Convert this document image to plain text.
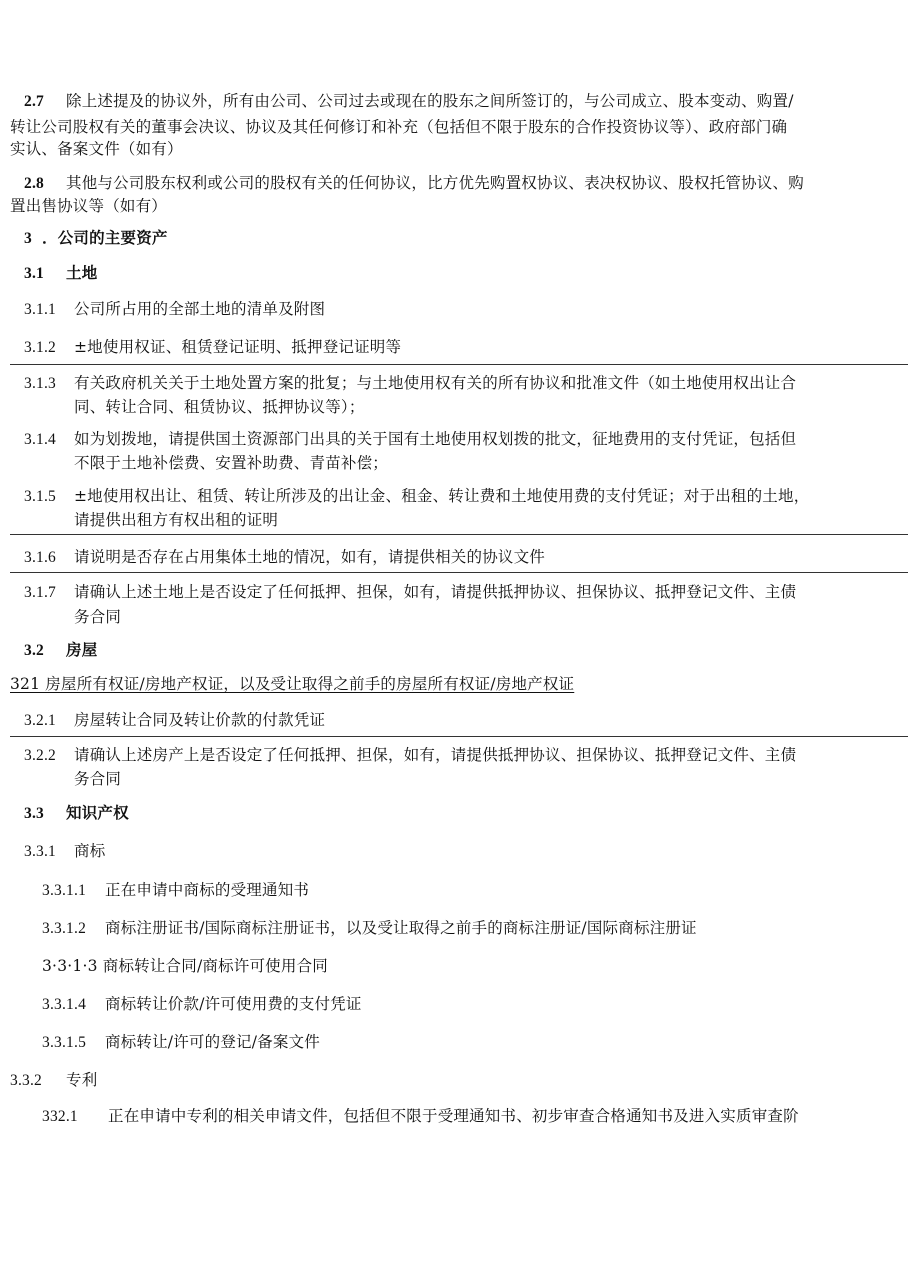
2.7 除上述提及的协议外，所有由公司、公司过去或现在的股东之间所签订的，与公司成立、股本变动、购置/
转让公司股权有关的董事会决议、协议及其任何修订和补充（包括但不限于股东的合作投资协议等）、政府部门确
实认、备案文件（如有）
2.8 其他与公司股东权利或公司的股权有关的任何协议，比方优先购置权协议、表决权协议、股权托管协议、购
置出售协议等（如有）
3 ．公司的主要资产
3.1 土地
3.1.1 公司所占用的全部土地的清单及附图
3.1.2 ±地使用权证、租赁登记证明、抵押登记证明等
3.1.3 有关政府机关关于土地处置方案的批复；与土地使用权有关的所有协议和批准文件（如土地使用权出让合
同、转让合同、租赁协议、抵押协议等）；
3.1.4 如为划拨地，请提供国土资源部门出具的关于国有土地使用权划拨的批文，征地费用的支付凭证，包括但
不限于土地补偿费、安置补助费、青苗补偿；
3.1.5 ±地使用权出让、租赁、转让所涉及的出让金、租金、转让费和土地使用费的支付凭证；对于出租的土地，
请提供出租方有权出租的证明
3.1.6 请说明是否存在占用集体土地的情况，如有，请提供相关的协议文件
3.1.7 请确认上述土地上是否设定了任何抵押、担保，如有，请提供抵押协议、担保协议、抵押登记文件、主债
务合同
3.2 房屋
321 房屋所有权证/房地产权证，以及受让取得之前手的房屋所有权证/房地产权证
3.2.1 房屋转让合同及转让价款的付款凭证
3.2.2 请确认上述房产上是否设定了任何抵押、担保，如有，请提供抵押协议、担保协议、抵押登记文件、主债
务合同
3.3 知识产权
3.3.1 商标
3.3.1.1 正在申请中商标的受理通知书
3.3.1.2 商标注册证书/国际商标注册证书，以及受让取得之前手的商标注册证/国际商标注册证
3·3·1·3 商标转让合同/商标许可使用合同
3.3.1.4 商标转让价款/许可使用费的支付凭证
3.3.1.5 商标转让/许可的登记/备案文件
3.3.2 专利
332.1 正在申请中专利的相关申请文件，包括但不限于受理通知书、初步审查合格通知书及进入实质审查阶
